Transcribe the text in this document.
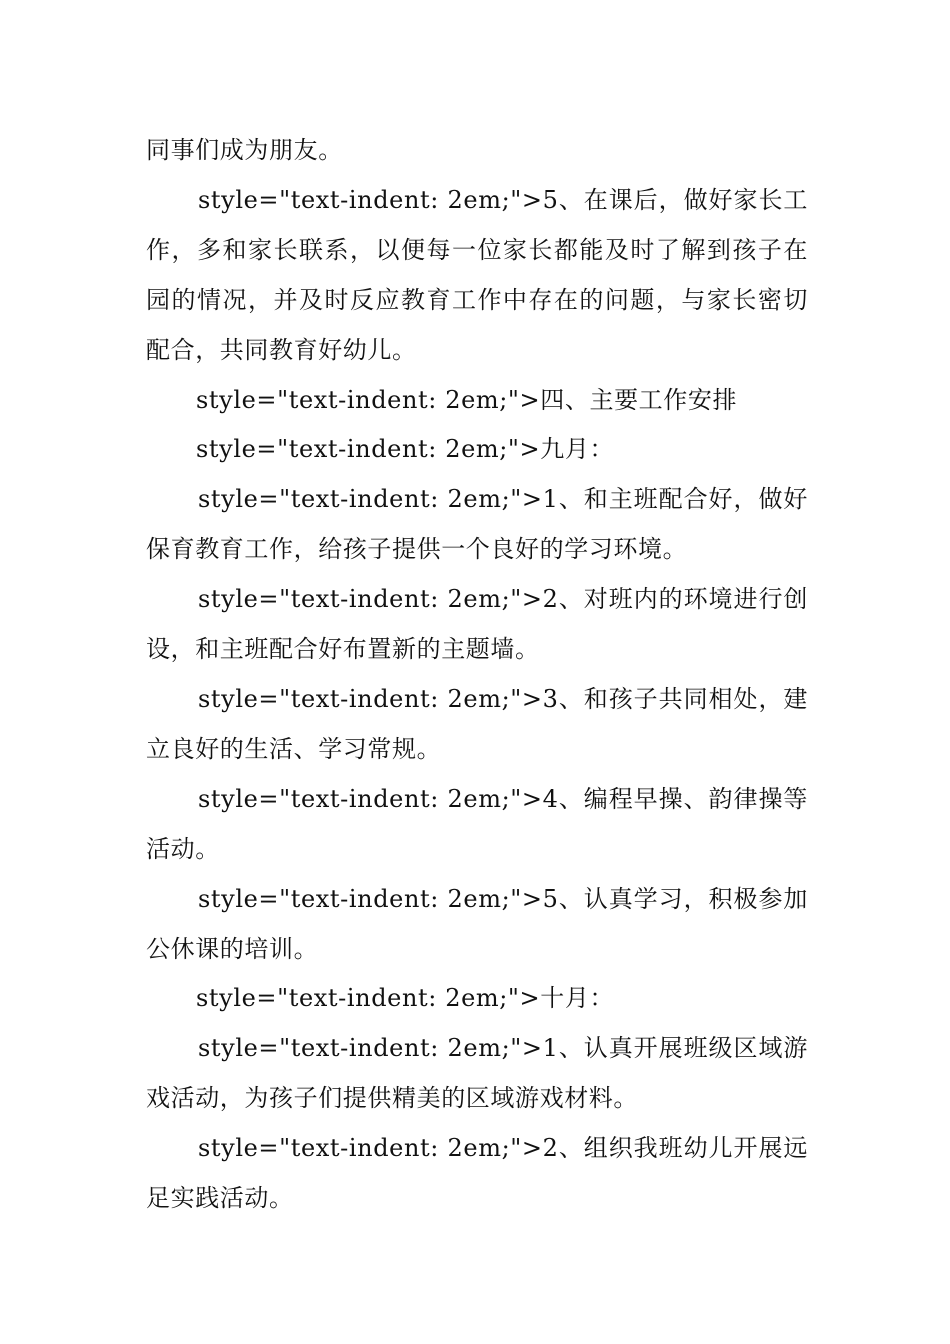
同事们成为朋友。

style="text-indent: 2em;">5、在课后，做好家长工作，多和家长联系，以便每一位家长都能及时了解到孩子在园的情况，并及时反应教育工作中存在的问题，与家长密切配合，共同教育好幼儿。

style="text-indent: 2em;">四、主要工作安排

style="text-indent: 2em;">九月：

style="text-indent: 2em;">1、和主班配合好，做好保育教育工作，给孩子提供一个良好的学习环境。

style="text-indent: 2em;">2、对班内的环境进行创设，和主班配合好布置新的主题墙。

style="text-indent: 2em;">3、和孩子共同相处，建立良好的生活、学习常规。

style="text-indent: 2em;">4、编程早操、韵律操等活动。

style="text-indent: 2em;">5、认真学习，积极参加公休课的培训。

style="text-indent: 2em;">十月：

style="text-indent: 2em;">1、认真开展班级区域游戏活动，为孩子们提供精美的区域游戏材料。

style="text-indent: 2em;">2、组织我班幼儿开展远足实践活动。
